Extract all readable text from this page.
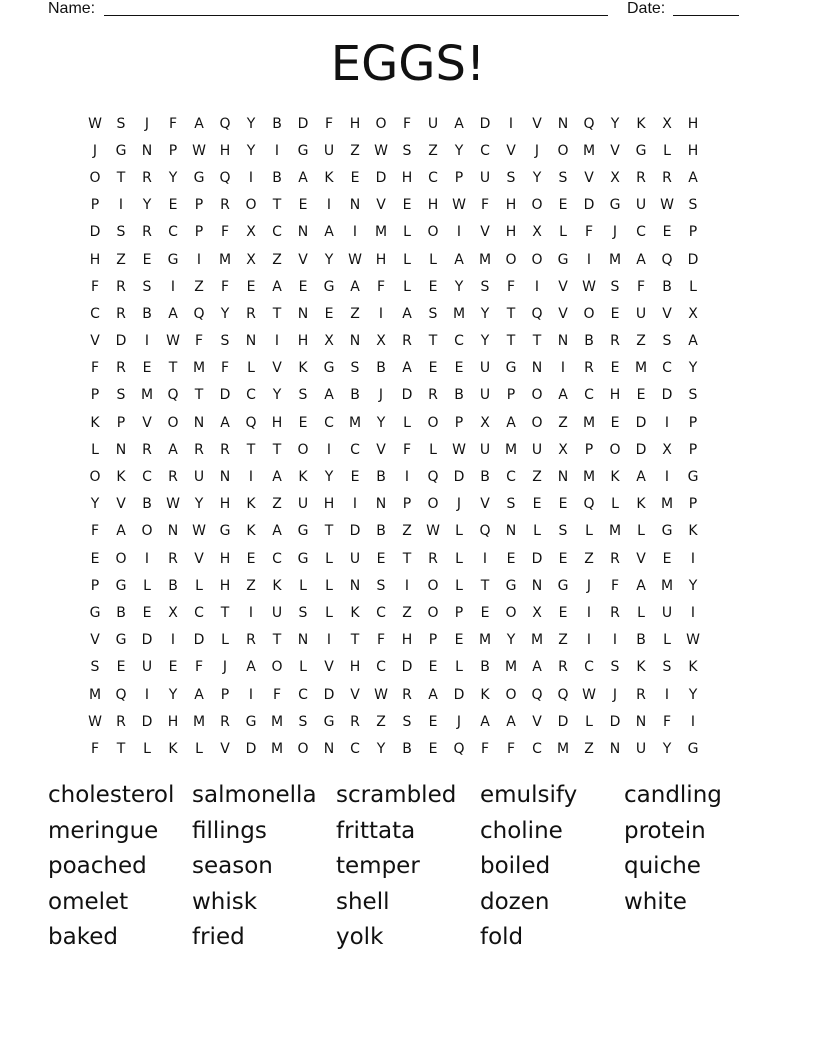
Name:	Date:
EGGS!
W	S	J	F	A	Q	Y	B	D	F	H	O	F	U	A	D	I	V	N	Q	Y	K	X	H
J	G	N	P	W H	Y	I	G	U	Z	W	S	Z	Y	C	V	J	O	M	V	G	L	H
O	T	R	Y	G	Q	I	B	A	K	E	D	H	C	P	U	S	Y	S	V	X	R	R	A
P	I	Y	E	P	R	O	T	E	I	N	V	E	H W	F	H	O	E	D	G	U W	S
D	S	R	C	P	F	X	C	N	A	I	M	L	O	I	V	H	X	L	F	J	C	E	P
H	Z	E	G	I	M	X	Z	V	Y	W H	L	L	A	M	O	O	G	I	M	A	Q	D
F	R	S	I	Z	F	E	A	E	G	A	F	L	E	Y	S	F	I	V	W	S	F	B	L
C	R	B	A	Q	Y	R	T	N	E	Z	I	A	S	M	Y	T	Q	V	O	E	U	V	X
V	D	I	W	F	S	N	I	H	X	N	X	R	T	C	Y	T	T	N	B	R	Z	S	A
F	R	E	T	M	F	L	V	K	G	S	B	A	E	E	U	G	N	I	R	E	M	C	Y
P	S	M	Q	T	D	C	Y	S	A	B	J	D	R	B	U	P	O	A	C	H	E	D	S
K	P	V	O	N	A	Q	H	E	C	M	Y	L	O	P	X	A	O	Z	M	E	D	I	P
L	N	R	A	R	R	T	T	O	I	C	V	F	L	W U	M	U	X	P	O	D	X	P
O	K	C	R	U	N	I	A	K	Y	E	B	I	Q	D	B	C	Z	N	M	K	A	I	G
Y	V	B	W	Y	H	K	Z	U	H	I	N	P	O	J	V	S	E	E	Q	L	K	M	P
F	A	O	N W G	K	A	G	T	D	B	Z	W	L	Q	N	L	S	L	M	L	G	K
E	O	I	R	V	H	E	C	G	L	U	E	T	R	L	I	E	D	E	Z	R	V	E	I
P	G	L	B	L	H	Z	K	L	L	N	S	I	O	L	T	G	N	G	J	F	A	M	Y
G	B	E	X	C	T	I	U	S	L	K	C	Z	O	P	E	O	X	E	I	R	L	U	I
V	G	D	I	D	L	R	T	N	I	T	F	H	P	E	M	Y	M	Z	I	I	B	L	W
S	E	U	E	F	J	A	O	L	V	H	C	D	E	L	B	M	A	R	C	S	K	S	K
M	Q	I	Y	A	P	I	F	C	D	V	W	R	A	D	K	O	Q	Q W	J	R	I	Y
W	R	D	H	M	R	G	M	S	G	R	Z	S	E	J	A	A	V	D	L	D	N	F	I
F	T	L	K	L	V	D	M	O	N	C	Y	B	E	Q	F	F	C	M	Z	N	U	Y	G
cholesterol salmonella scrambled	emulsify	candling
meringue	fillings	frittata	choline	protein
poached	season	temper	boiled	quiche
omelet	whisk	shell	dozen	white
baked	fried	yolk	fold
